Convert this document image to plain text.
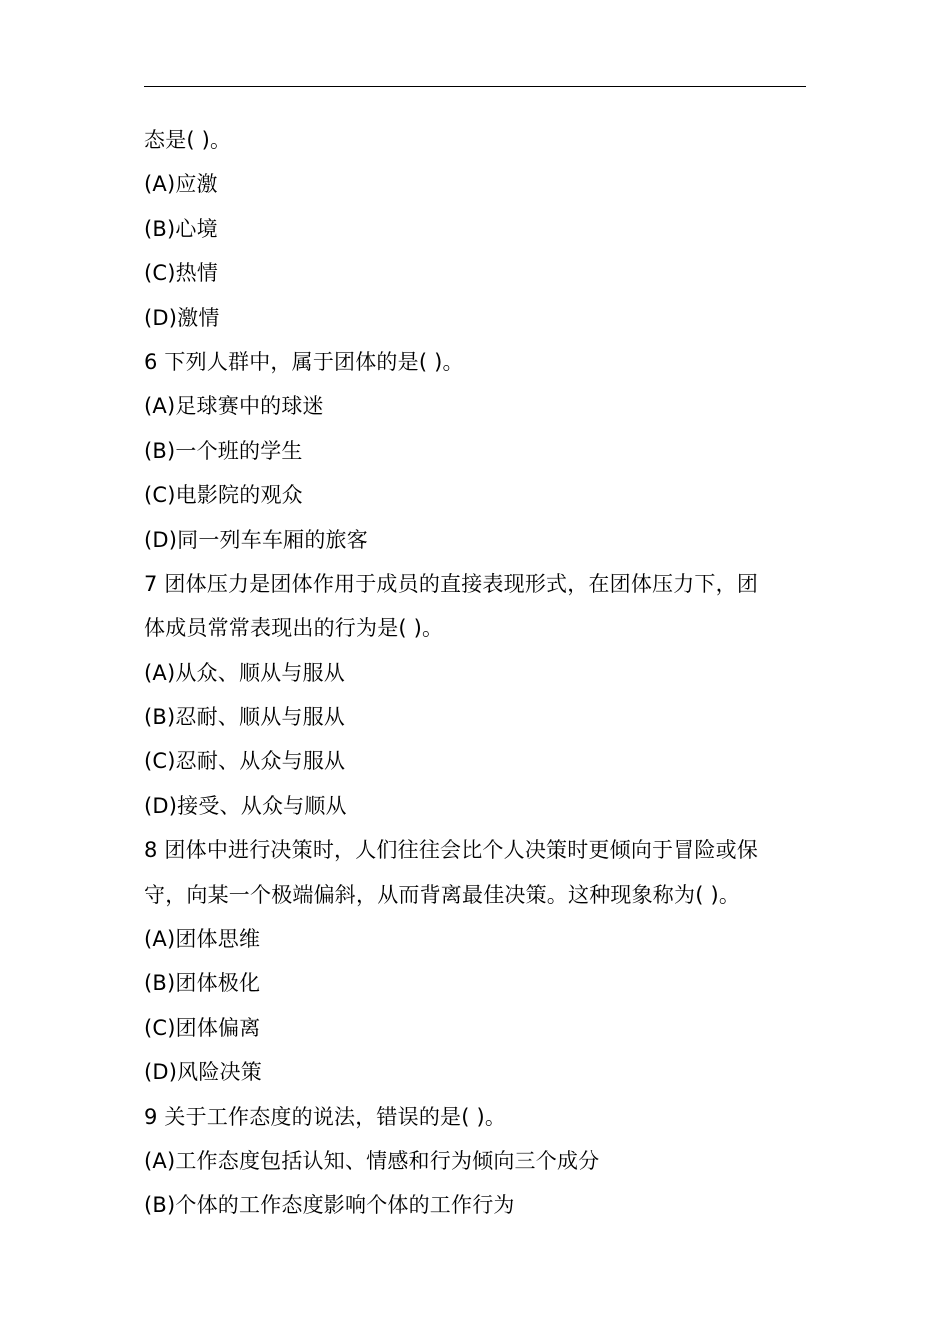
态是( )。
(A)应激
(B)心境
(C)热情
(D)激情
6 下列人群中，属于团体的是( )。
(A)足球赛中的球迷
(B)一个班的学生
(C)电影院的观众
(D)同一列车车厢的旅客
7 团体压力是团体作用于成员的直接表现形式，在团体压力下，团
体成员常常表现出的行为是( )。
(A)从众、顺从与服从
(B)忍耐、顺从与服从
(C)忍耐、从众与服从
(D)接受、从众与顺从
8 团体中进行决策时，人们往往会比个人决策时更倾向于冒险或保
守，向某一个极端偏斜，从而背离最佳决策。这种现象称为( )。
(A)团体思维
(B)团体极化
(C)团体偏离
(D)风险决策
9 关于工作态度的说法，错误的是( )。
(A)工作态度包括认知、情感和行为倾向三个成分
(B)个体的工作态度影响个体的工作行为
